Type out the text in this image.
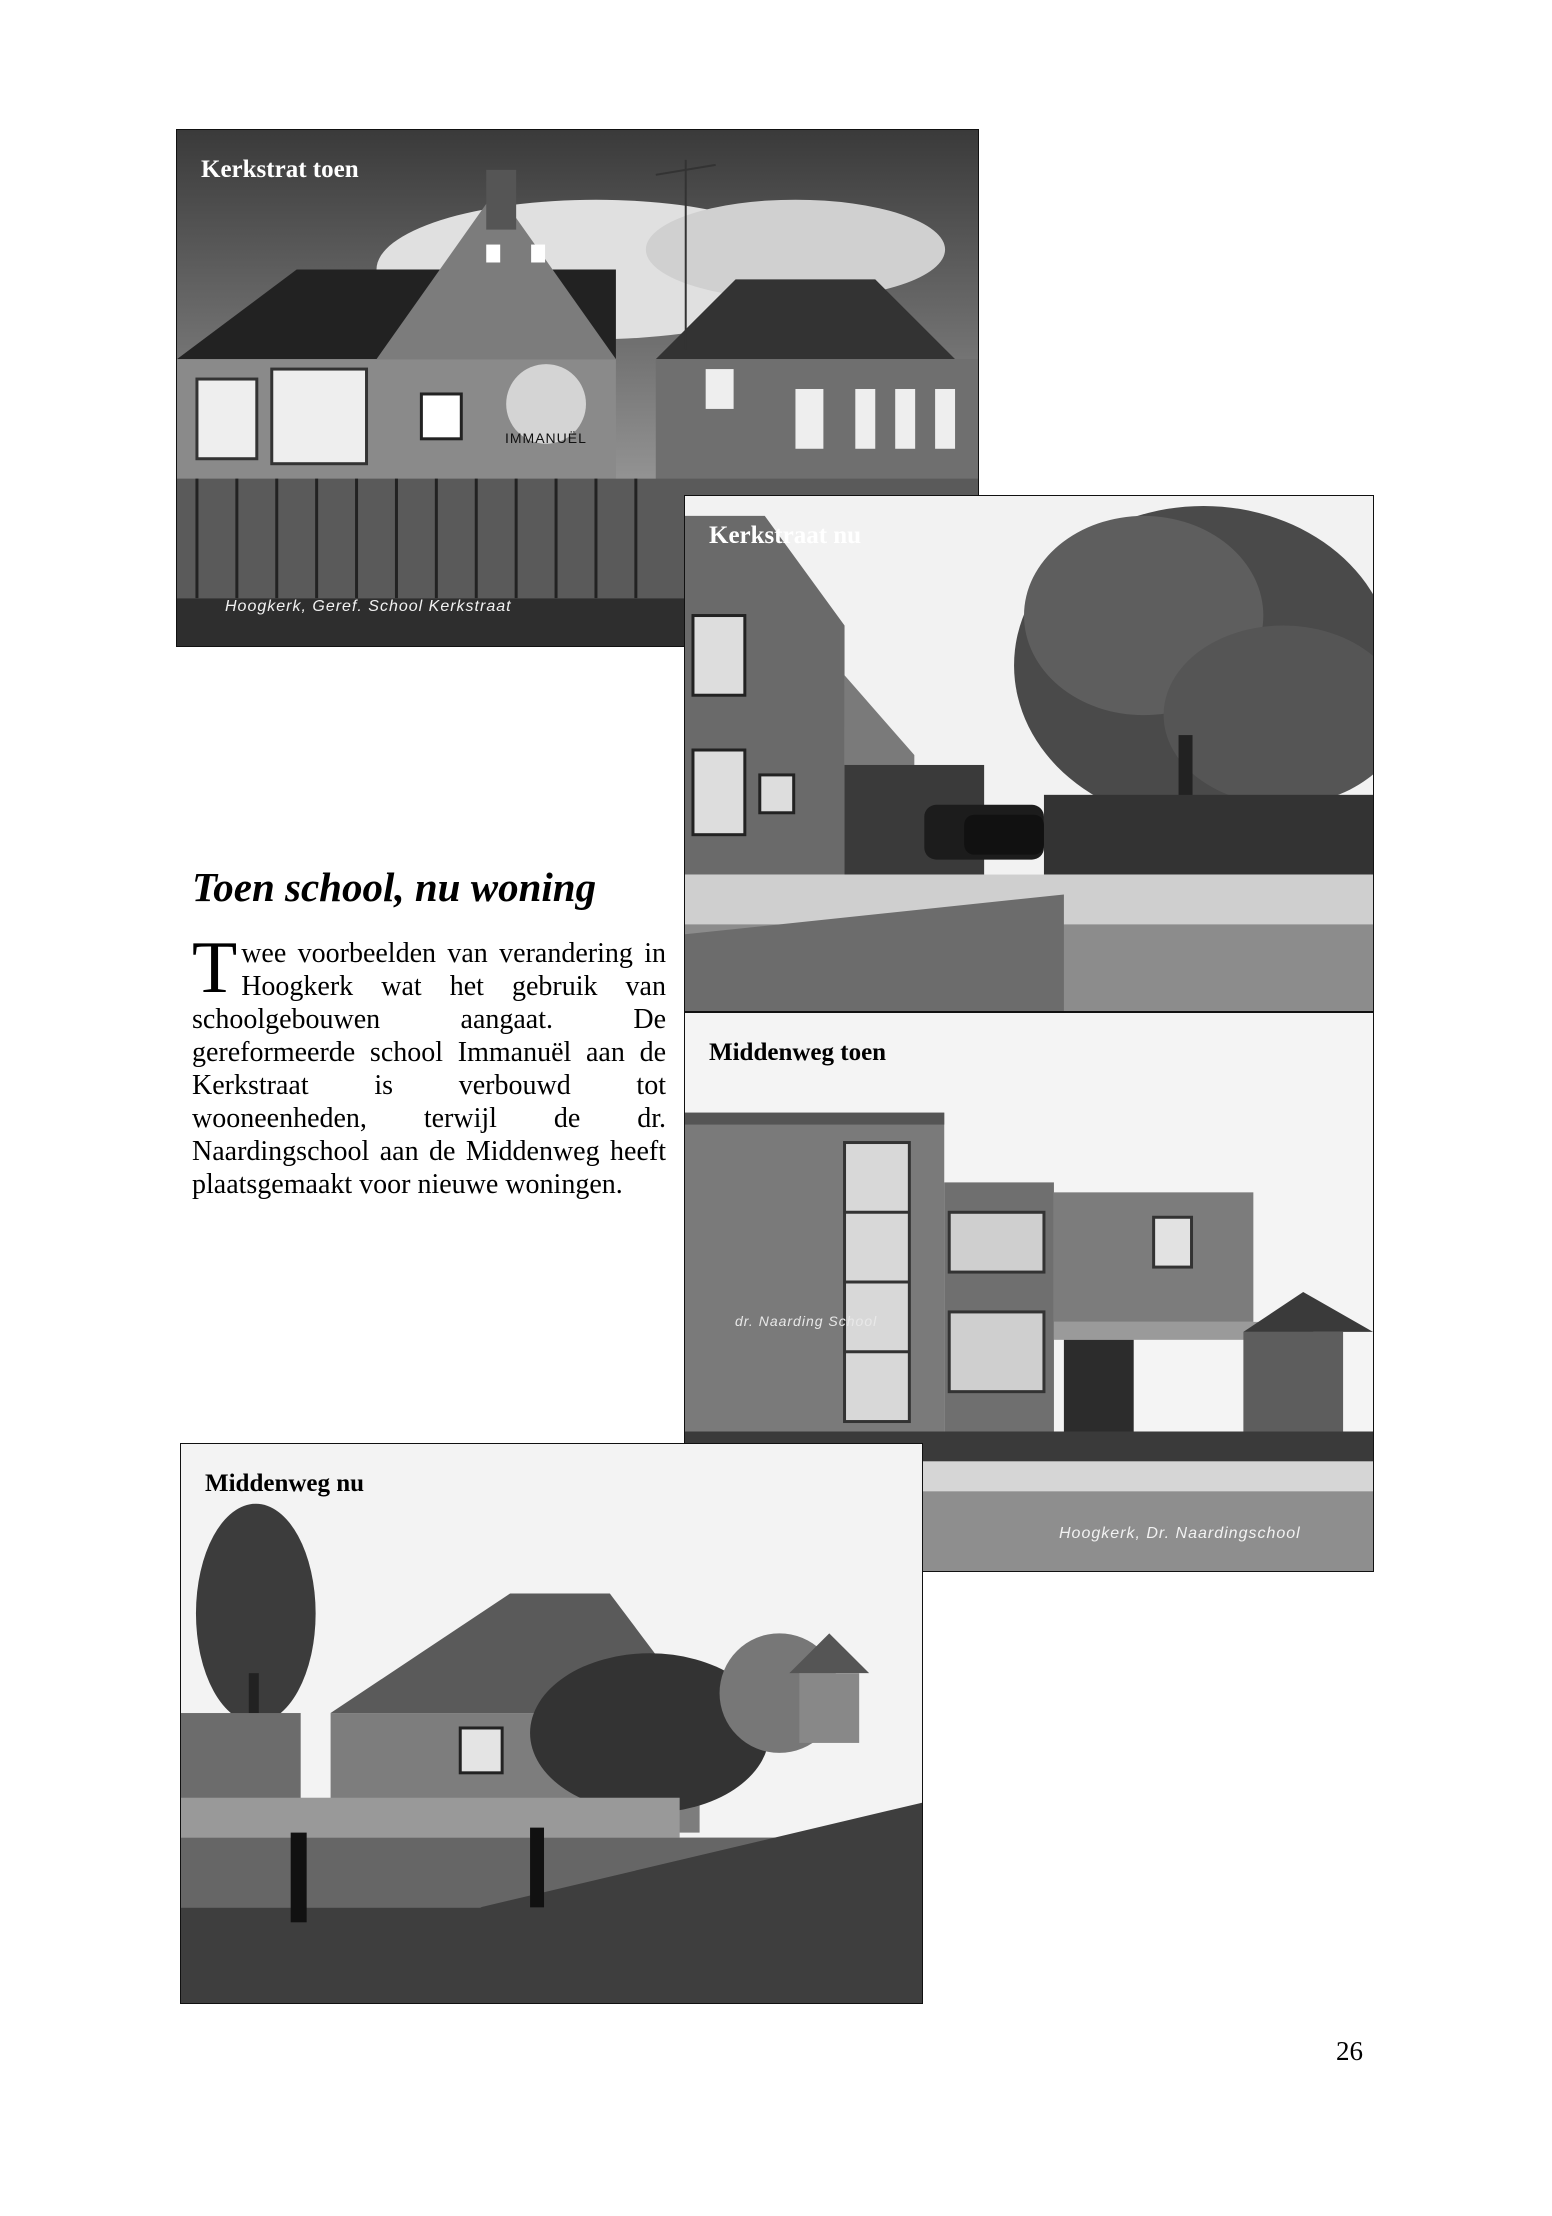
Kerkstrat toen
Hoogkerk, Geref. School Kerkstraat
IMMANUËL
Kerkstraat nu
Middenweg toen
Hoogkerk, Dr. Naardingschool
dr. Naarding School
Middenweg nu
Toen school, nu woning
Twee voorbeelden van verandering in Hoogkerk wat het gebruik van schoolgebouwen aangaat. De gereformeerde school Immanuël aan de Kerkstraat is verbouwd tot wooneenheden, terwijl de dr. Naardingschool aan de Middenweg heeft plaatsgemaakt voor nieuwe woningen.
26
